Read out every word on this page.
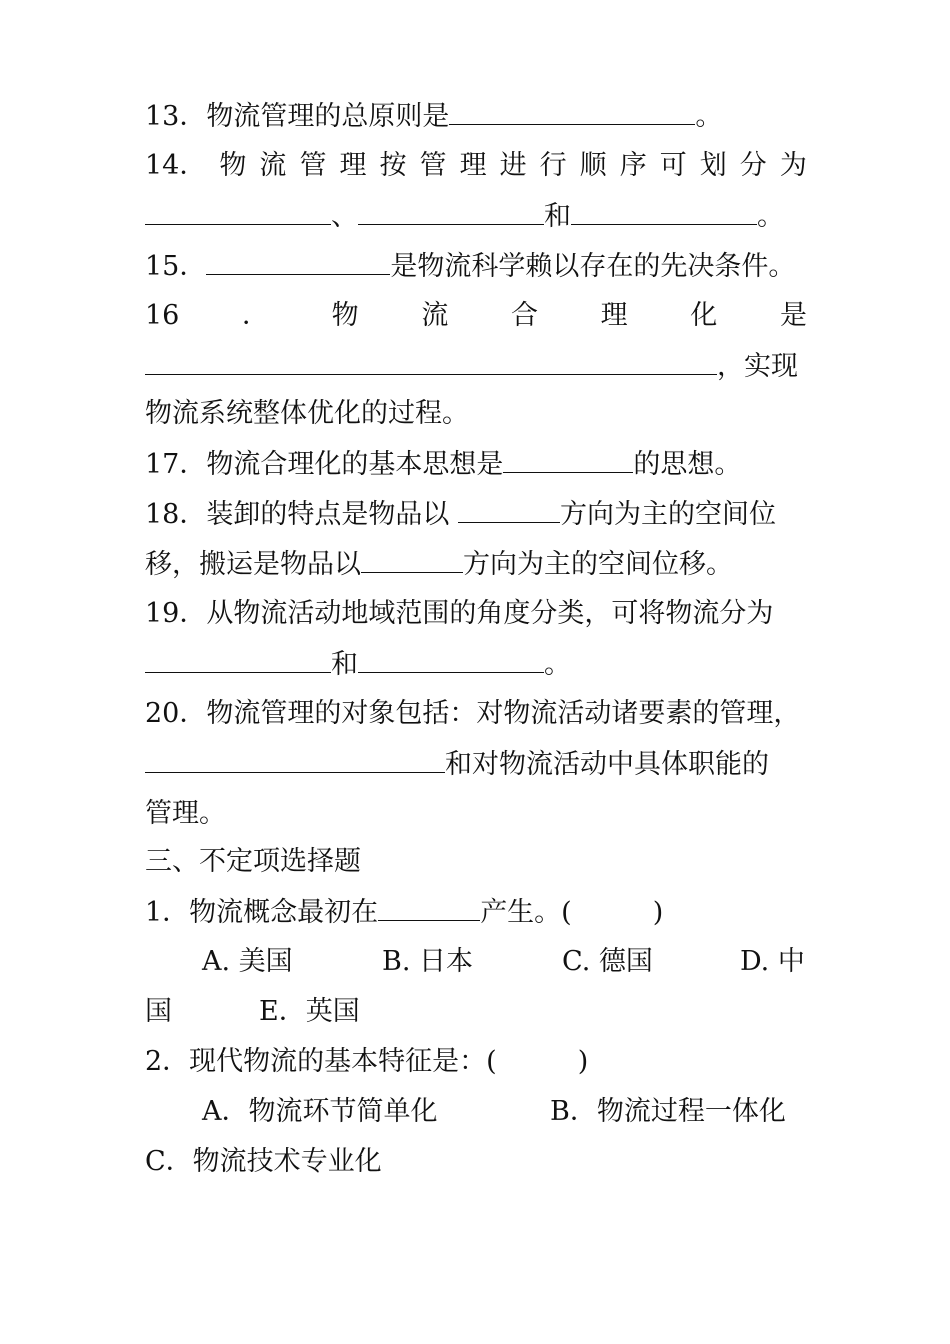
13．物流管理的总原则是	。
14． 物 流 管 理 按 管 理 进 行 顺 序 可 划 分 为
、	和	。
15．	是物流科学赖以存在的先决条件。
16 ． 物 流 合 理 化 是
，实现
物流系统整体优化的过程。
17．物流合理化的基本思想是	的思想。
18．装卸的特点是物品以	方向为主的空间位
移，搬运是物品以	方向为主的空间位移。
19．从物流活动地域范围的角度分类，可将物流分为
和	。
20．物流管理的对象包括：对物流活动诸要素的管理，
和对物流活动中具体职能的
管理。
三、不定项选择题
1．物流概念最初在	产生。(　　　)
A. 美国	B. 日本	C. 德国	D. 中
国	E．英国
2．现代物流的基本特征是：(　　　)
A．物流环节简单化	B．物流过程一体化
C．物流技术专业化
